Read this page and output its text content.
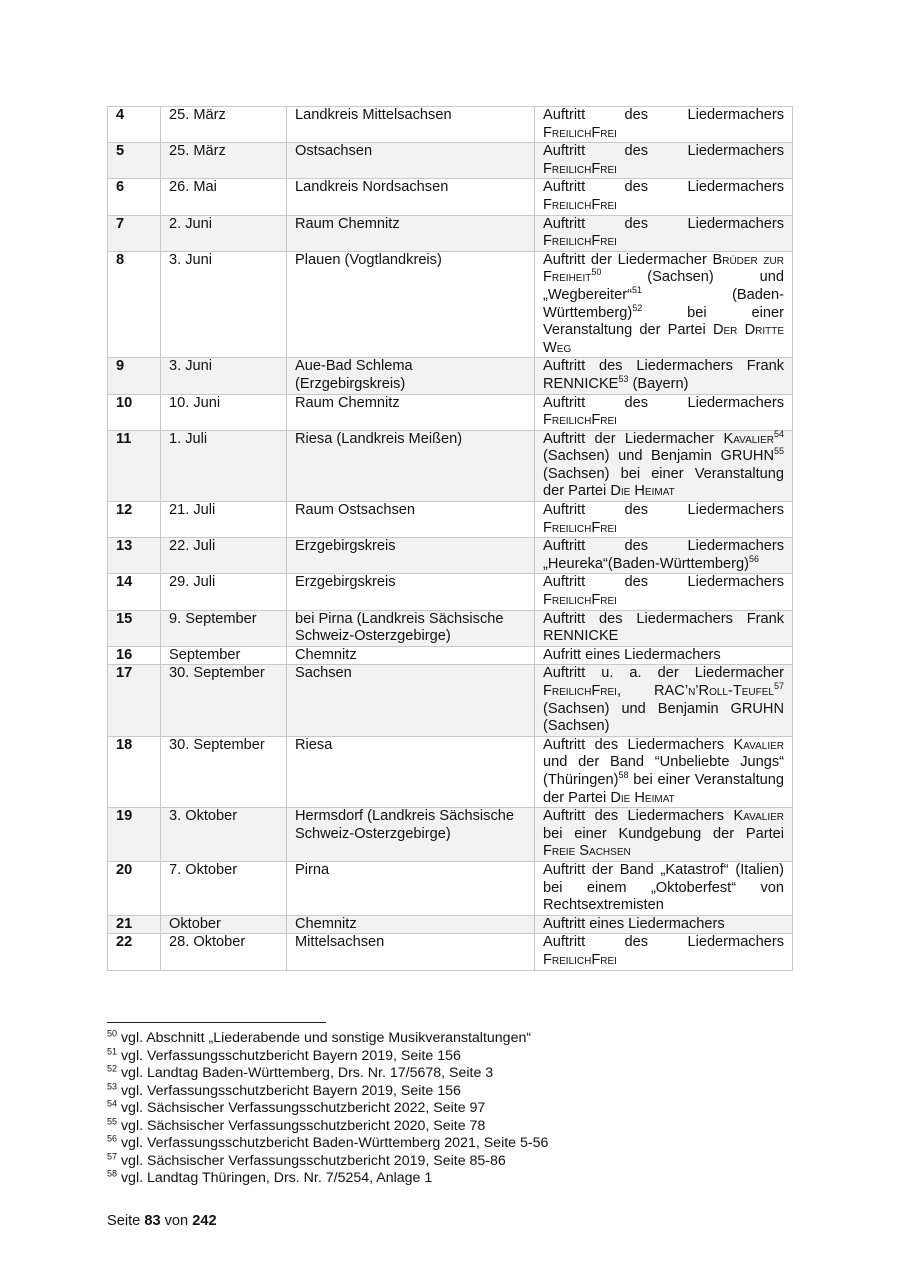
4	25. März	Landkreis Mittelsachsen	Auftritt des Liedermachers FreilichFrei
5	25. März	Ostsachsen	Auftritt des Liedermachers FreilichFrei
6	26. Mai	Landkreis Nordsachsen	Auftritt des Liedermachers FreilichFrei
7	2. Juni	Raum Chemnitz	Auftritt des Liedermachers FreilichFrei
8	3. Juni	Plauen (Vogtlandkreis)	Auftritt der Liedermacher Brüder zur Freiheit$^{50}$ (Sachsen) und „Wegbereiter“$^{51}$ (Baden-Württemberg)$^{52}$ bei einer Veranstaltung der Partei Der Dritte Weg
9	3. Juni	Aue-Bad Schlema (Erzgebirgskreis)	Auftritt des Liedermachers Frank RENNICKE$^{53}$ (Bayern)
10	10. Juni	Raum Chemnitz	Auftritt des Liedermachers FreilichFrei
11	1. Juli	Riesa (Landkreis Meißen)	Auftritt der Liedermacher Kavalier$^{54}$ (Sachsen) und Benjamin GRUHN$^{55}$ (Sachsen) bei einer Veranstaltung der Partei Die Heimat
12	21. Juli	Raum Ostsachsen	Auftritt des Liedermachers FreilichFrei
13	22. Juli	Erzgebirgskreis	Auftritt des Liedermachers „Heureka“(Baden-Württemberg)$^{56}$
14	29. Juli	Erzgebirgskreis	Auftritt des Liedermachers FreilichFrei
15	9. September	bei Pirna (Landkreis Sächsische Schweiz-Osterzgebirge)	Auftritt des Liedermachers Frank RENNICKE
16	September	Chemnitz	Aufritt eines Liedermachers
17	30. September	Sachsen	Auftritt u. a. der Liedermacher FreilichFrei, RAC’n’Roll-Teufel$^{57}$ (Sachsen) und Benjamin GRUHN (Sachsen)
18	30. September	Riesa	Auftritt des Liedermachers Kavalier und der Band “Unbeliebte Jungs“ (Thüringen)$^{58}$ bei einer Veranstaltung der Partei Die Heimat
19	3. Oktober	Hermsdorf (Landkreis Sächsische Schweiz-Osterzgebirge)	Auftritt des Liedermachers Kavalier bei einer Kundgebung der Partei Freie Sachsen
20	7. Oktober	Pirna	Auftritt der Band „Katastrof“ (Italien) bei einem „Oktoberfest“ von Rechtsextremisten
21	Oktober	Chemnitz	Auftritt eines Liedermachers
22	28. Oktober	Mittelsachsen	Auftritt des Liedermachers FreilichFrei
$^{50}$ vgl. Abschnitt „Liederabende und sonstige Musikveranstaltungen“
$^{51}$ vgl. Verfassungsschutzbericht Bayern 2019, Seite 156
$^{52}$ vgl. Landtag Baden-Württemberg, Drs. Nr. 17/5678, Seite 3
$^{53}$ vgl. Verfassungsschutzbericht Bayern 2019, Seite 156
$^{54}$ vgl. Sächsischer Verfassungsschutzbericht 2022, Seite 97
$^{55}$ vgl. Sächsischer Verfassungsschutzbericht 2020, Seite 78
$^{56}$ vgl. Verfassungsschutzbericht Baden-Württemberg 2021, Seite 5-56
$^{57}$ vgl. Sächsischer Verfassungsschutzbericht 2019, Seite 85-86
$^{58}$ vgl. Landtag Thüringen, Drs. Nr. 7/5254, Anlage 1
Seite 83 von 242
